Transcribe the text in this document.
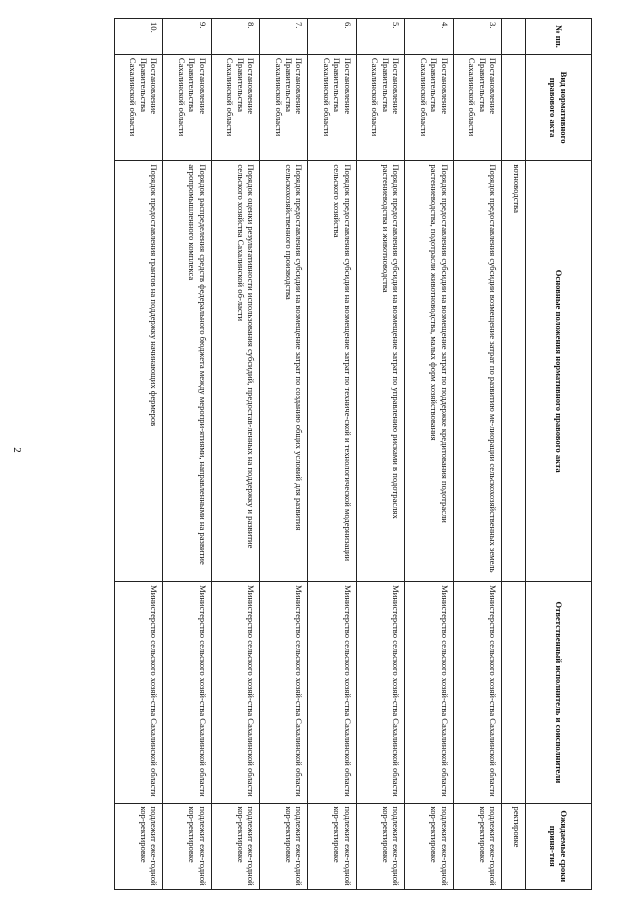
2
№ пп.	Вид нормативного правового акта	Основные положения нормативного правового акта	Ответственный исполнитель и соисполнители	Ожидаемые сроки приня-тия
		вотноводства		ректировке
3.	Постановление Правительства Сахалинской области	Порядок предоставления субсидии возмещение затрат по развитию ме-лиорации сельскохозяйственных земель	Министерство сельского хозяй-ства Сахалинской области	подлежит еже-годной кор-ректировке
4.	Постановление Правительства Сахалинской области	Порядок предоставления субсидии на возмещение затрат по поддержке кредитования подотрасли растениеводства, подотрасли животноводства, малых форм хозяйствования	Министерство сельского хозяй-ства Сахалинской области	подлежит еже-годной кор-ректировке
5.	Постановление Правительства Сахалинской области	Порядок предоставления субсидии на возмещение затрат по управлению рисками в подотраслях растениеводства и животноводства	Министерство сельского хозяй-ства Сахалинской области	подлежит еже-годной кор-ректировке
6.	Постановление Правительства Сахалинской области	Порядок предоставления субсидии на возмещение затрат по техниче-ской и технологической модернизации сельского хозяйства	Министерство сельского хозяй-ства Сахалинской области	подлежит еже-годной кор-ректировке
7.	Постановление Правительства Сахалинской области	Порядок предоставления субсидии на возмещение затрат по созданию общих условий для развития сельскохозяйственного производства	Министерство сельского хозяй-ства Сахалинской области	подлежит еже-годной кор-ректировке
8.	Постановление Правительства Сахалинской области	Порядок оценки результативности использования субсидий, предостав-ленных на поддержку и развитие сельского хозяйства Сахалинской об-ласти	Министерство сельского хозяй-ства Сахалинской области	подлежит еже-годной кор-ректировке
9.	Постановление Правительства Сахалинской области	Порядок распределения средств федерального бюджета между меропри-ятиями, направленными на развитие агропромышленного комплекса	Министерство сельского хозяй-ства Сахалинской области	подлежит еже-годной кор-ректировке
10.	Постановление Правительства Сахалинской области	Порядок предоставления грантов на поддержку начинающих фермеров	Министерство сельского хозяй-ства Сахалинской области	подлежит еже-годной кор-ректировке
